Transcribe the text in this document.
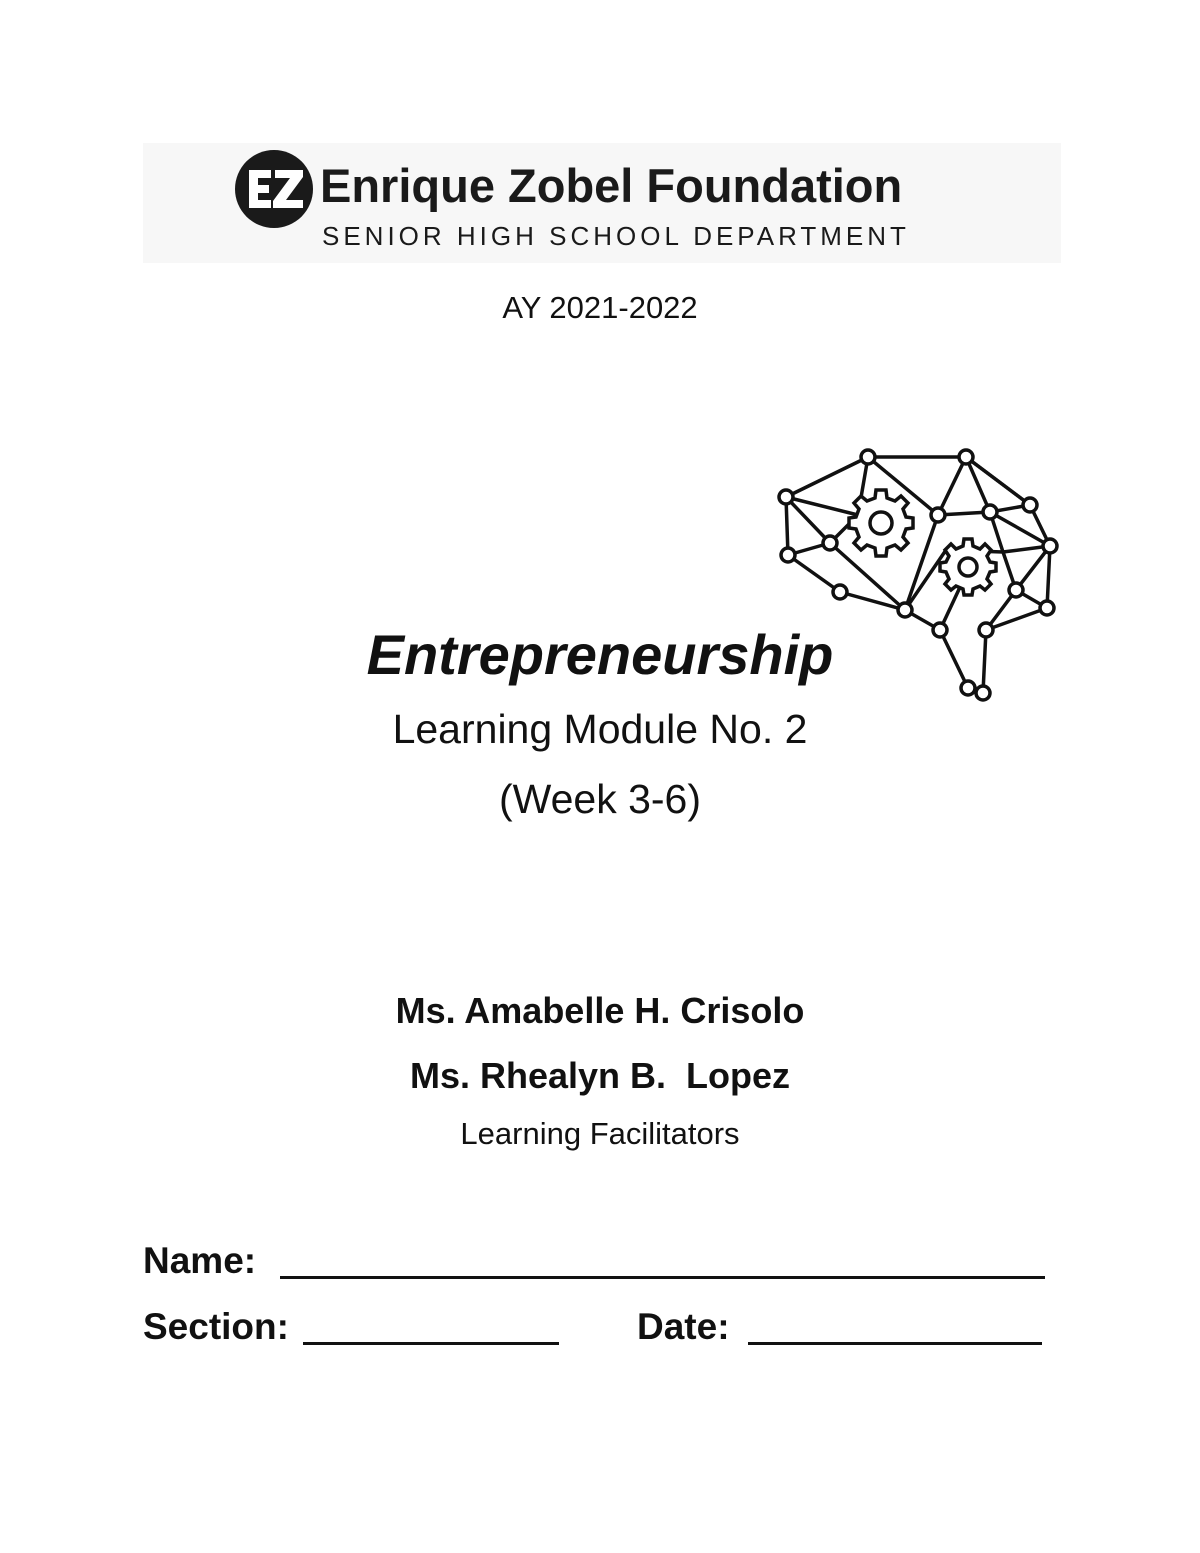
Enrique Zobel Foundation
SENIOR HIGH SCHOOL DEPARTMENT
AY 2021-2022
Entrepreneurship
Learning Module No. 2
(Week 3-6)
Ms. Amabelle H. Crisolo
Ms. Rhealyn B.  Lopez
Learning Facilitators
Name:
Section:	Date:
